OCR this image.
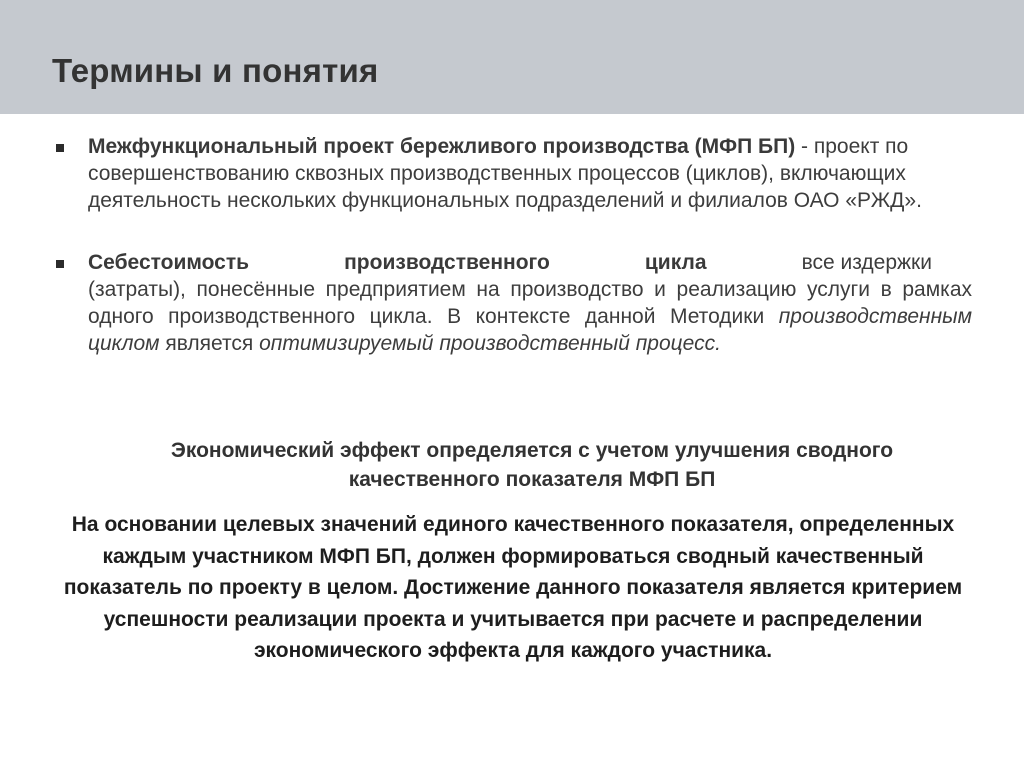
Термины и понятия
Межфункциональный проект бережливого производства (МФП БП) - проект по совершенствованию сквозных производственных процессов (циклов), включающих деятельность нескольких функциональных подразделений и филиалов ОАО «РЖД».
Себестоимость	производственного	цикла	все издержки
(затраты), понесённые предприятием на производство и реализацию услуги в рамках одного производственного цикла. В контексте данной Методики производственным циклом является оптимизируемый производственный процесс.
Экономический эффект определяется с учетом улучшения сводного качественного показателя МФП БП
На основании целевых значений единого качественного показателя, определенных каждым участником МФП БП, должен формироваться сводный качественный показатель по проекту в целом. Достижение данного показателя является критерием успешности реализации проекта и учитывается при расчете и распределении экономического эффекта для каждого участника.
